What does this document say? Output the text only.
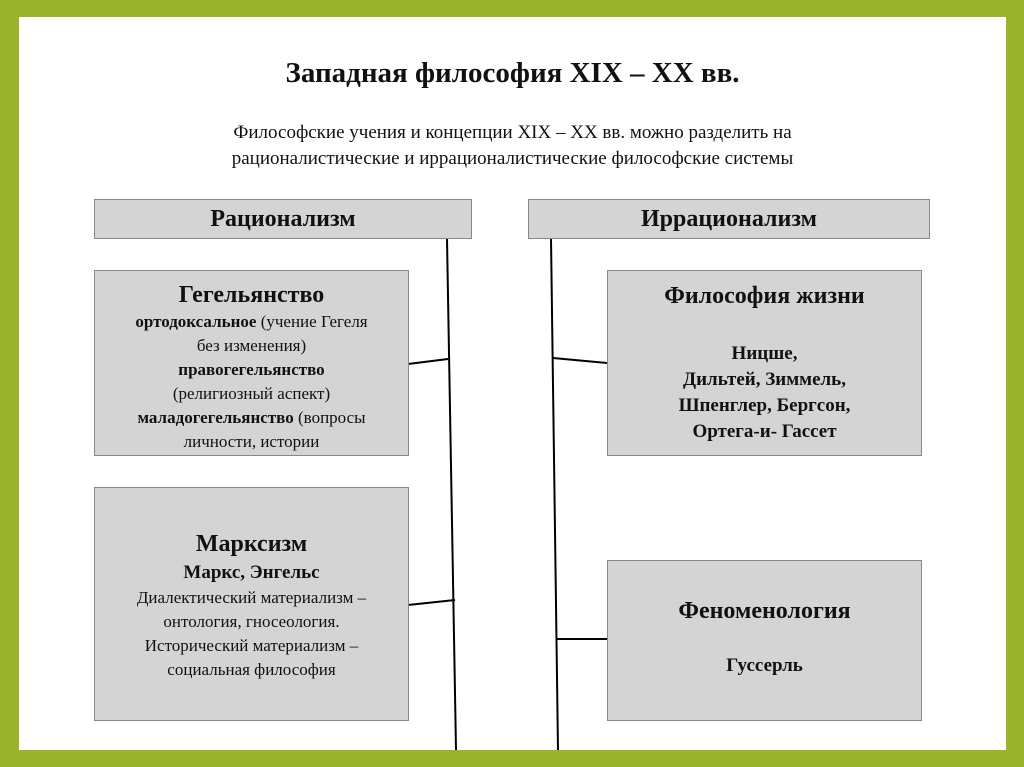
Западная философия XIX – XX вв.
Философские учения и концепции XIX – XX вв. можно разделить на
рационалистические и иррационалистические философские системы
Рационализм	Иррационализм
Гегельянство
ортодоксальное (учение Гегеля
без изменения)
правогегельянство
(религиозный аспект)
маладогегельянство (вопросы
личности, истории
Марксизм
Маркс, Энгельс
Диалектический материализм –
онтология, гносеология.
Исторический материализм –
социальная философия
Философия жизни
Ницше,
Дильтей, Зиммель,
Шпенглер, Бергсон,
Ортега-и- Гассет
Феноменология
Гуссерль
